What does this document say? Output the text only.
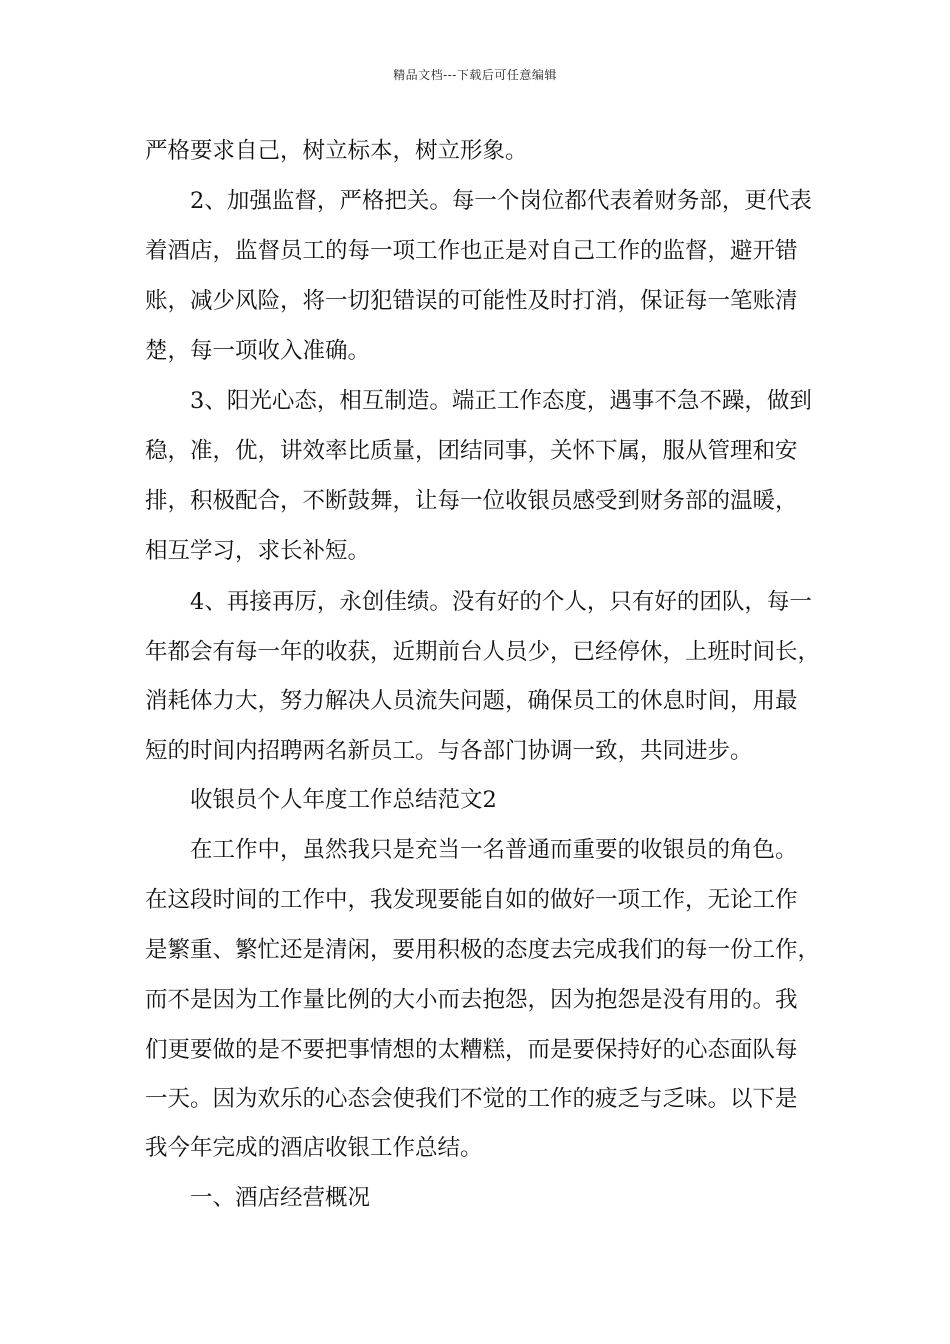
精品文档---下载后可任意编辑
严格要求自己，树立标本，树立形象。
2、加强监督，严格把关。每一个岗位都代表着财务部，更代表
着酒店，监督员工的每一项工作也正是对自己工作的监督，避开错
账，减少风险，将一切犯错误的可能性及时打消，保证每一笔账清
楚，每一项收入准确。
3、阳光心态，相互制造。端正工作态度，遇事不急不躁，做到
稳，准，优，讲效率比质量，团结同事，关怀下属，服从管理和安
排，积极配合，不断鼓舞，让每一位收银员感受到财务部的温暖，
相互学习，求长补短。
4、再接再厉，永创佳绩。没有好的个人，只有好的团队，每一
年都会有每一年的收获，近期前台人员少，已经停休，上班时间长，
消耗体力大，努力解决人员流失问题，确保员工的休息时间，用最
短的时间内招聘两名新员工。与各部门协调一致，共同进步。
收银员个人年度工作总结范文2
在工作中，虽然我只是充当一名普通而重要的收银员的角色。
在这段时间的工作中，我发现要能自如的做好一项工作，无论工作
是繁重、繁忙还是清闲，要用积极的态度去完成我们的每一份工作，
而不是因为工作量比例的大小而去抱怨，因为抱怨是没有用的。我
们更要做的是不要把事情想的太糟糕，而是要保持好的心态面队每
一天。因为欢乐的心态会使我们不觉的工作的疲乏与乏味。以下是
我今年完成的酒店收银工作总结。
一、酒店经营概况
